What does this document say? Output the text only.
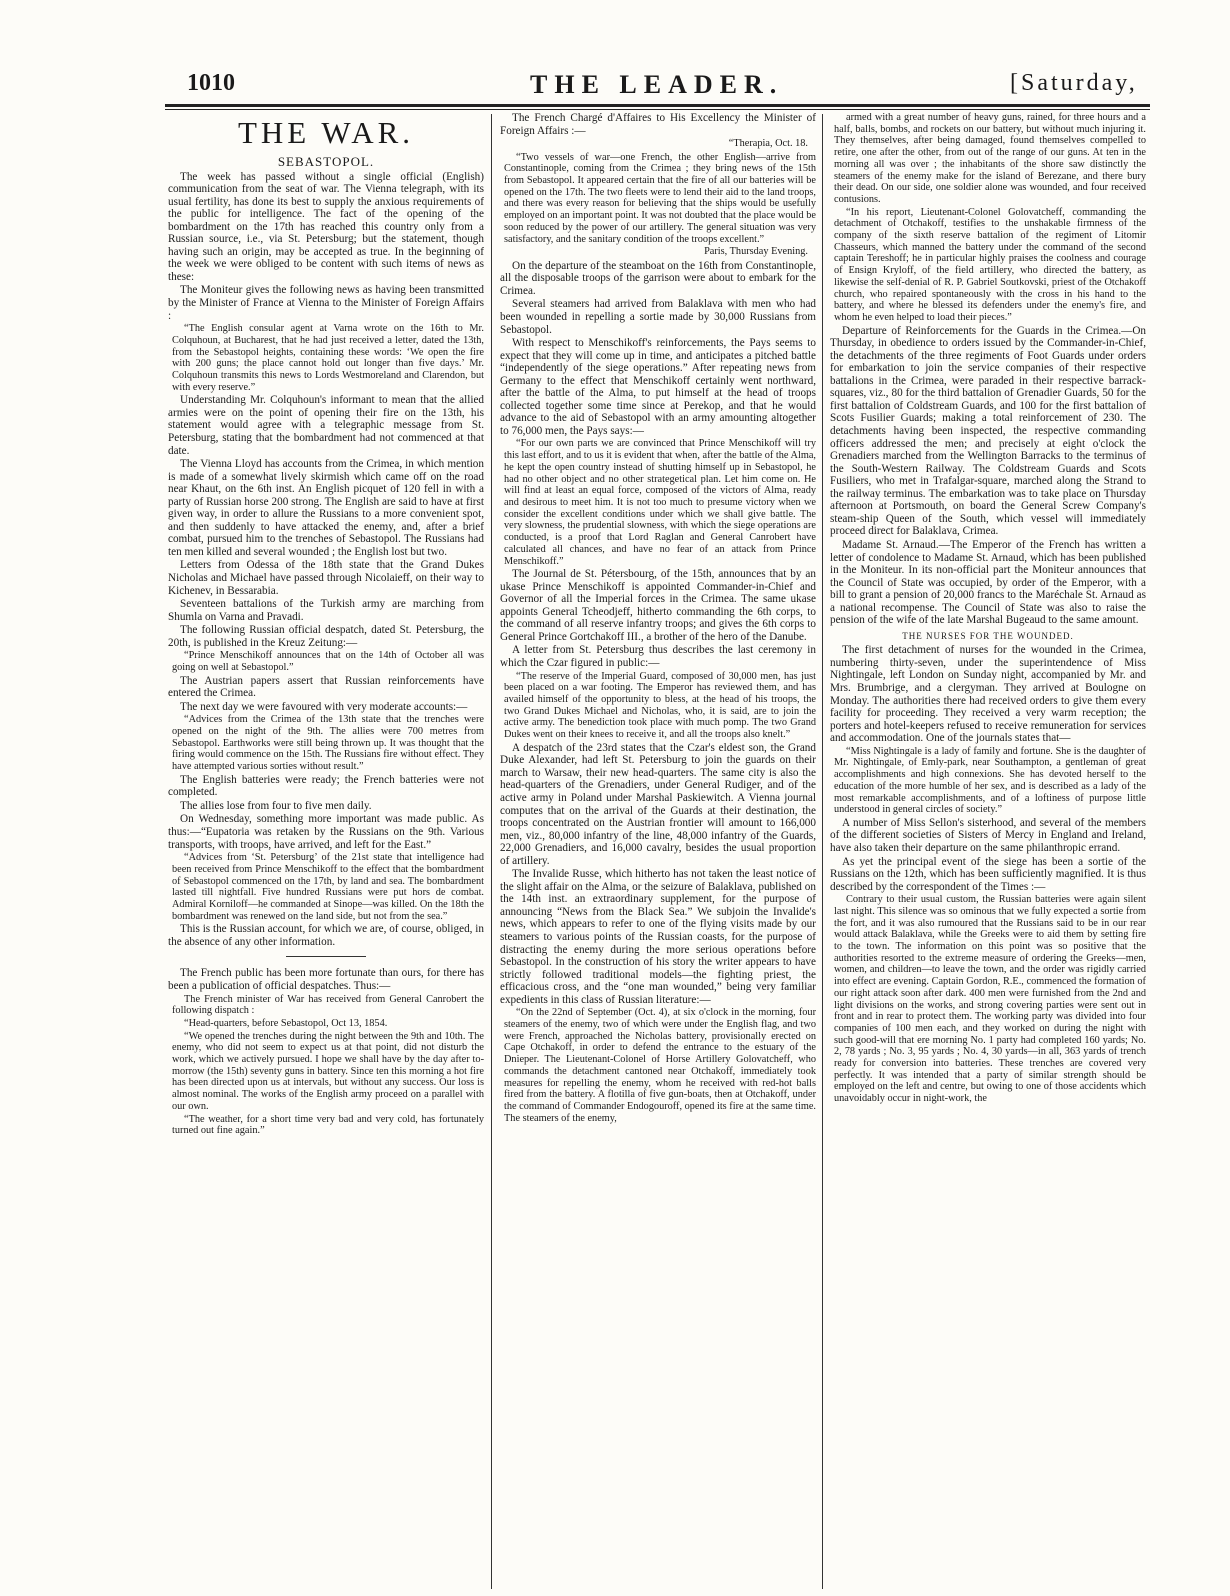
1010	THE LEADER.	[Saturday,
THE WAR.
SEBASTOPOL.

The week has passed without a single official (English) communication from the seat of war. The Vienna telegraph, with its usual fertility, has done its best to supply the anxious requirements of the public for intelligence. The fact of the opening of the bombardment on the 17th has reached this country only from a Russian source, i.e., via St. Petersburg; but the statement, though having such an origin, may be accepted as true. In the beginning of the week we were obliged to be content with such items of news as these:

The Moniteur gives the following news as having been transmitted by the Minister of France at Vienna to the Minister of Foreign Affairs :

“The English consular agent at Varna wrote on the 16th to Mr. Colquhoun, at Bucharest, that he had just received a letter, dated the 13th, from the Sebastopol heights, containing these words: ‘We open the fire with 200 guns; the place cannot hold out longer than five days.’ Mr. Colquhoun transmits this news to Lords Westmoreland and Clarendon, but with every reserve.”

Understanding Mr. Colquhoun's informant to mean that the allied armies were on the point of opening their fire on the 13th, his statement would agree with a telegraphic message from St. Petersburg, stating that the bombardment had not commenced at that date.

The Vienna Lloyd has accounts from the Crimea, in which mention is made of a somewhat lively skirmish which came off on the road near Khaut, on the 6th inst. An English picquet of 120 fell in with a party of Russian horse 200 strong. The English are said to have at first given way, in order to allure the Russians to a more convenient spot, and then suddenly to have attacked the enemy, and, after a brief combat, pursued him to the trenches of Sebastopol. The Russians had ten men killed and several wounded ; the English lost but two.

Letters from Odessa of the 18th state that the Grand Dukes Nicholas and Michael have passed through Nicolaieff, on their way to Kichenev, in Bessarabia.

Seventeen battalions of the Turkish army are marching from Shumla on Varna and Pravadi.

The following Russian official despatch, dated St. Petersburg, the 20th, is published in the Kreuz Zeitung:—

“Prince Menschikoff announces that on the 14th of October all was going on well at Sebastopol.”

The Austrian papers assert that Russian reinforcements have entered the Crimea.

The next day we were favoured with very moderate accounts:—

“Advices from the Crimea of the 13th state that the trenches were opened on the night of the 9th. The allies were 700 metres from Sebastopol. Earthworks were still being thrown up. It was thought that the firing would commence on the 15th. The Russians fire without effect. They have attempted various sorties without result.”

The English batteries were ready; the French batteries were not completed.

The allies lose from four to five men daily.

On Wednesday, something more important was made public. As thus:—“Eupatoria was retaken by the Russians on the 9th. Various transports, with troops, have arrived, and left for the East.”

“Advices from ‘St. Petersburg’ of the 21st state that intelligence had been received from Prince Menschikoff to the effect that the bombardment of Sebastopol commenced on the 17th, by land and sea. The bombardment lasted till nightfall. Five hundred Russians were put hors de combat. Admiral Korniloff—he commanded at Sinope—was killed. On the 18th the bombardment was renewed on the land side, but not from the sea.”

This is the Russian account, for which we are, of course, obliged, in the absence of any other information.

The French public has been more fortunate than ours, for there has been a publication of official despatches. Thus:—

The French minister of War has received from General Canrobert the following dispatch :

“Head-quarters, before Sebastopol, Oct 13, 1854.

“We opened the trenches during the night between the 9th and 10th. The enemy, who did not seem to expect us at that point, did not disturb the work, which we actively pursued. I hope we shall have by the day after to-morrow (the 15th) seventy guns in battery. Since ten this morning a hot fire has been directed upon us at intervals, but without any success. Our loss is almost nominal. The works of the English army proceed on a parallel with our own.

“The weather, for a short time very bad and very cold, has fortunately turned out fine again.”

The French Chargé d'Affaires to His Excellency the Minister of Foreign Affairs :—

“Therapia, Oct. 18.

“Two vessels of war—one French, the other English—arrive from Constantinople, coming from the Crimea ; they bring news of the 15th from Sebastopol. It appeared certain that the fire of all our batteries will be opened on the 17th. The two fleets were to lend their aid to the land troops, and there was every reason for believing that the ships would be usefully employed on an important point. It was not doubted that the place would be soon reduced by the power of our artillery. The general situation was very satisfactory, and the sanitary condition of the troops excellent.”

Paris, Thursday Evening.

On the departure of the steamboat on the 16th from Constantinople, all the disposable troops of the garrison were about to embark for the Crimea.

Several steamers had arrived from Balaklava with men who had been wounded in repelling a sortie made by 30,000 Russians from Sebastopol.

With respect to Menschikoff's reinforcements, the Pays seems to expect that they will come up in time, and anticipates a pitched battle “independently of the siege operations.” After repeating news from Germany to the effect that Menschikoff certainly went northward, after the battle of the Alma, to put himself at the head of troops collected together some time since at Perekop, and that he would advance to the aid of Sebastopol with an army amounting altogether to 76,000 men, the Pays says:—

“For our own parts we are convinced that Prince Menschikoff will try this last effort, and to us it is evident that when, after the battle of the Alma, he kept the open country instead of shutting himself up in Sebastopol, he had no other object and no other strategetical plan. Let him come on. He will find at least an equal force, composed of the victors of Alma, ready and desirous to meet him. It is not too much to presume victory when we consider the excellent conditions under which we shall give battle. The very slowness, the prudential slowness, with which the siege operations are conducted, is a proof that Lord Raglan and General Canrobert have calculated all chances, and have no fear of an attack from Prince Menschikoff.”

The Journal de St. Pétersbourg, of the 15th, announces that by an ukase Prince Menschikoff is appointed Commander-in-Chief and Governor of all the Imperial forces in the Crimea. The same ukase appoints General Tcheodjeff, hitherto commanding the 6th corps, to the command of all reserve infantry troops; and gives the 6th corps to General Prince Gortchakoff III., a brother of the hero of the Danube.

A letter from St. Petersburg thus describes the last ceremony in which the Czar figured in public:—

“The reserve of the Imperial Guard, composed of 30,000 men, has just been placed on a war footing. The Emperor has reviewed them, and has availed himself of the opportunity to bless, at the head of his troops, the two Grand Dukes Michael and Nicholas, who, it is said, are to join the active army. The benediction took place with much pomp. The two Grand Dukes went on their knees to receive it, and all the troops also knelt.”

A despatch of the 23rd states that the Czar's eldest son, the Grand Duke Alexander, had left St. Petersburg to join the guards on their march to Warsaw, their new head-quarters. The same city is also the head-quarters of the Grenadiers, under General Rudiger, and of the active army in Poland under Marshal Paskiewitch. A Vienna journal computes that on the arrival of the Guards at their destination, the troops concentrated on the Austrian frontier will amount to 166,000 men, viz., 80,000 infantry of the line, 48,000 infantry of the Guards, 22,000 Grenadiers, and 16,000 cavalry, besides the usual proportion of artillery.

The Invalide Russe, which hitherto has not taken the least notice of the slight affair on the Alma, or the seizure of Balaklava, published on the 14th inst. an extraordinary supplement, for the purpose of announcing “News from the Black Sea.” We subjoin the Invalide's news, which appears to refer to one of the flying visits made by our steamers to various points of the Russian coasts, for the purpose of distracting the enemy during the more serious operations before Sebastopol. In the construction of his story the writer appears to have strictly followed traditional models—the fighting priest, the efficacious cross, and the “one man wounded,” being very familiar expedients in this class of Russian literature:—

“On the 22nd of September (Oct. 4), at six o'clock in the morning, four steamers of the enemy, two of which were under the English flag, and two were French, approached the Nicholas battery, provisionally erected on Cape Otchakoff, in order to defend the entrance to the estuary of the Dnieper. The Lieutenant-Colonel of Horse Artillery Golovatcheff, who commands the detachment cantoned near Otchakoff, immediately took measures for repelling the enemy, whom he received with red-hot balls fired from the battery. A flotilla of five gun-boats, then at Otchakoff, under the command of Commander Endogouroff, opened its fire at the same time. The steamers of the enemy,

armed with a great number of heavy guns, rained, for three hours and a half, balls, bombs, and rockets on our battery, but without much injuring it. They themselves, after being damaged, found themselves compelled to retire, one after the other, from out of the range of our guns. At ten in the morning all was over ; the inhabitants of the shore saw distinctly the steamers of the enemy make for the island of Berezane, and there bury their dead. On our side, one soldier alone was wounded, and four received contusions.

“In his report, Lieutenant-Colonel Golovatcheff, commanding the detachment of Otchakoff, testifies to the unshakable firmness of the company of the sixth reserve battalion of the regiment of Litomir Chasseurs, which manned the battery under the command of the second captain Tereshoff; he in particular highly praises the coolness and courage of Ensign Kryloff, of the field artillery, who directed the battery, as likewise the self-denial of R. P. Gabriel Soutkovski, priest of the Otchakoff church, who repaired spontaneously with the cross in his hand to the battery, and where he blessed its defenders under the enemy's fire, and whom he even helped to load their pieces.”

Departure of Reinforcements for the Guards in the Crimea.—On Thursday, in obedience to orders issued by the Commander-in-Chief, the detachments of the three regiments of Foot Guards under orders for embarkation to join the service companies of their respective battalions in the Crimea, were paraded in their respective barrack-squares, viz., 80 for the third battalion of Grenadier Guards, 50 for the first battalion of Coldstream Guards, and 100 for the first battalion of Scots Fusilier Guards; making a total reinforcement of 230. The detachments having been inspected, the respective commanding officers addressed the men; and precisely at eight o'clock the Grenadiers marched from the Wellington Barracks to the terminus of the South-Western Railway. The Coldstream Guards and Scots Fusiliers, who met in Trafalgar-square, marched along the Strand to the railway terminus. The embarkation was to take place on Thursday afternoon at Portsmouth, on board the General Screw Company's steam-ship Queen of the South, which vessel will immediately proceed direct for Balaklava, Crimea.

Madame St. Arnaud.—The Emperor of the French has written a letter of condolence to Madame St. Arnaud, which has been published in the Moniteur. In its non-official part the Moniteur announces that the Council of State was occupied, by order of the Emperor, with a bill to grant a pension of 20,000 francs to the Maréchale St. Arnaud as a national recompense. The Council of State was also to raise the pension of the wife of the late Marshal Bugeaud to the same amount.

THE NURSES FOR THE WOUNDED.

The first detachment of nurses for the wounded in the Crimea, numbering thirty-seven, under the superintendence of Miss Nightingale, left London on Sunday night, accompanied by Mr. and Mrs. Brumbrige, and a clergyman. They arrived at Boulogne on Monday. The authorities there had received orders to give them every facility for proceeding. They received a very warm reception; the porters and hotel-keepers refused to receive remuneration for services and accommodation. One of the journals states that—

“Miss Nightingale is a lady of family and fortune. She is the daughter of Mr. Nightingale, of Emly-park, near Southampton, a gentleman of great accomplishments and high connexions. She has devoted herself to the education of the more humble of her sex, and is described as a lady of the most remarkable accomplishments, and of a loftiness of purpose little understood in general circles of society.”

A number of Miss Sellon's sisterhood, and several of the members of the different societies of Sisters of Mercy in England and Ireland, have also taken their departure on the same philanthropic errand.

As yet the principal event of the siege has been a sortie of the Russians on the 12th, which has been sufficiently magnified. It is thus described by the correspondent of the Times :—

Contrary to their usual custom, the Russian batteries were again silent last night. This silence was so ominous that we fully expected a sortie from the fort, and it was also rumoured that the Russians said to be in our rear would attack Balaklava, while the Greeks were to aid them by setting fire to the town. The information on this point was so positive that the authorities resorted to the extreme measure of ordering the Greeks—men, women, and children—to leave the town, and the order was rigidly carried into effect are evening. Captain Gordon, R.E., commenced the formation of our right attack soon after dark. 400 men were furnished from the 2nd and light divisions on the works, and strong covering parties were sent out in front and in rear to protect them. The working party was divided into four companies of 100 men each, and they worked on during the night with such good-will that ere morning No. 1 party had completed 160 yards; No. 2, 78 yards ; No. 3, 95 yards ; No. 4, 30 yards—in all, 363 yards of trench ready for conversion into batteries. These trenches are covered very perfectly. It was intended that a party of similar strength should be employed on the left and centre, but owing to one of those accidents which unavoidably occur in night-work, the
